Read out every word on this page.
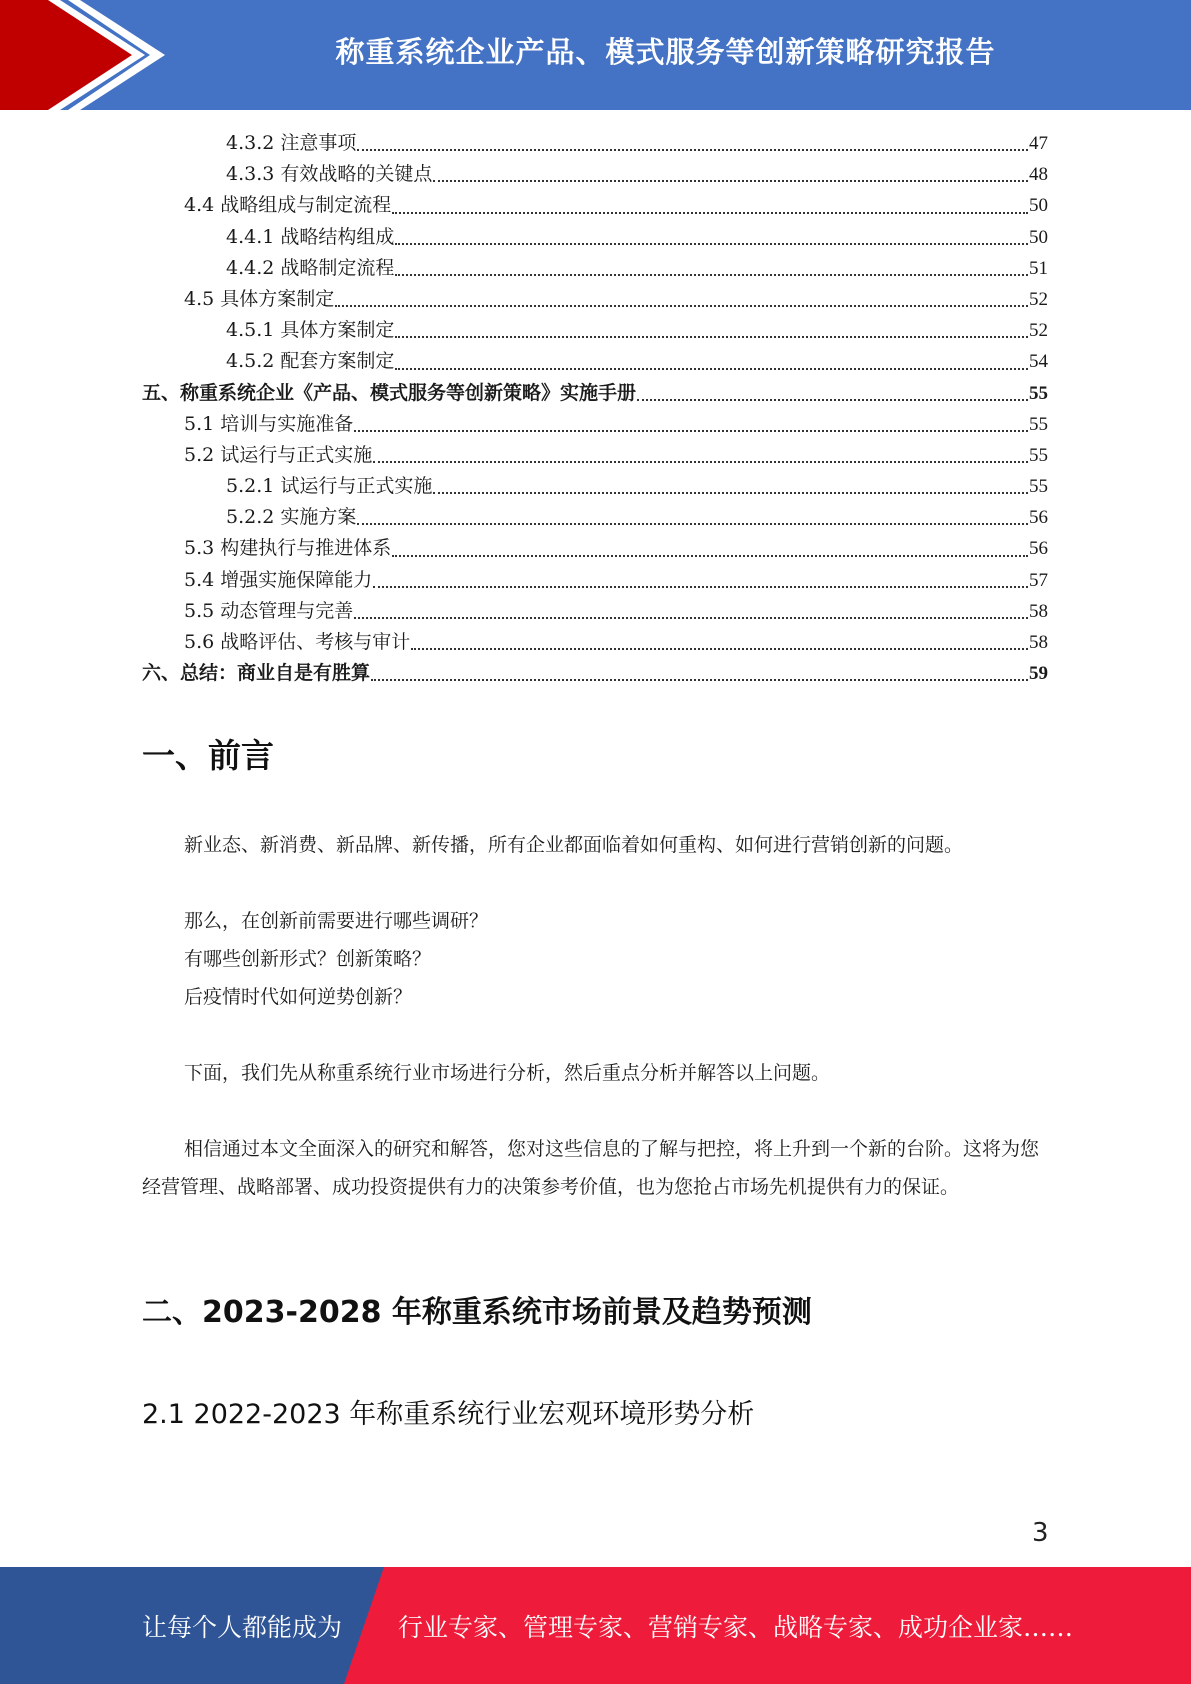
称重系统企业产品、模式服务等创新策略研究报告
4.3.2 注意事项	47
4.3.3 有效战略的关键点	48
4.4 战略组成与制定流程	50
4.4.1 战略结构组成	50
4.4.2 战略制定流程	51
4.5 具体方案制定	52
4.5.1 具体方案制定	52
4.5.2 配套方案制定	54
五、称重系统企业《产品、模式服务等创新策略》实施手册	55
5.1 培训与实施准备	55
5.2 试运行与正式实施	55
5.2.1 试运行与正式实施	55
5.2.2 实施方案	56
5.3 构建执行与推进体系	56
5.4 增强实施保障能力	57
5.5 动态管理与完善	58
5.6 战略评估、考核与审计	58
六、总结：商业自是有胜算	59
一、前言
新业态、新消费、新品牌、新传播，所有企业都面临着如何重构、如何进行营销创新的问题。
那么，在创新前需要进行哪些调研？
有哪些创新形式？创新策略？
后疫情时代如何逆势创新？
下面，我们先从称重系统行业市场进行分析，然后重点分析并解答以上问题。
相信通过本文全面深入的研究和解答，您对这些信息的了解与把控，将上升到一个新的台阶。这将为您经营管理、战略部署、成功投资提供有力的决策参考价值，也为您抢占市场先机提供有力的保证。
二、2023-2028 年称重系统市场前景及趋势预测
2.1 2022-2023 年称重系统行业宏观环境形势分析
3
让每个人都能成为 行业专家、管理专家、营销专家、战略专家、成功企业家……
